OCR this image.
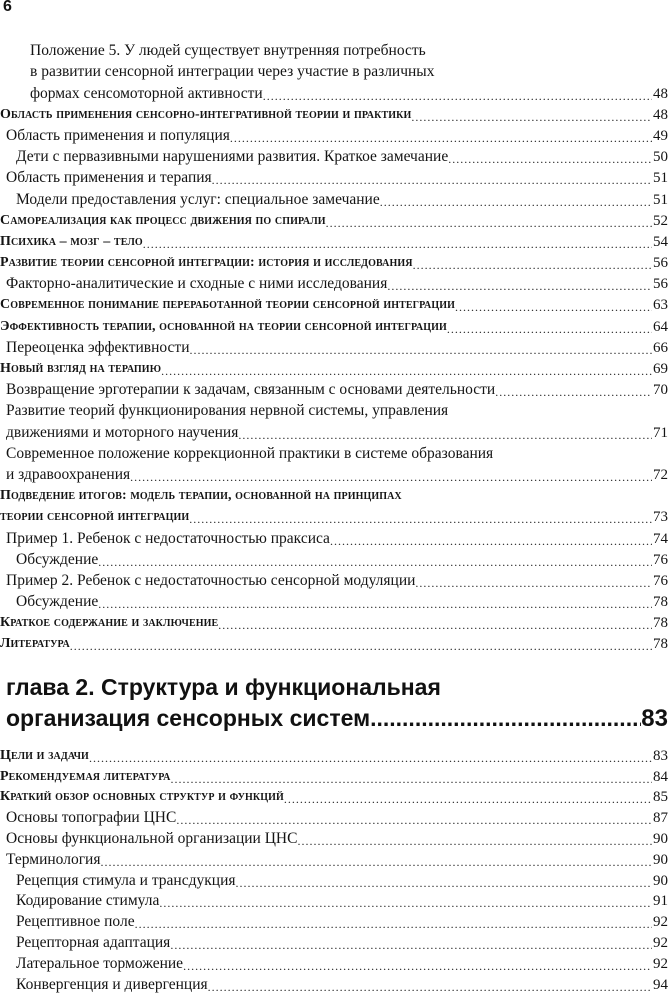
6
Положение 5. У людей существует внутренняя потребность
в развитии сенсорной интеграции через участие в различных
формах сенсомоторной активности .....	48
Область применения сенсорно-интегративной теории и практики .....	48
Область применения и популяция .....	49
Дети с первазивными нарушениями развития. Краткое замечание .....	50
Область применения и терапия .....	51
Модели предоставления услуг: специальное замечание .....	51
Самореализация как процесс движения по спирали .....	52
Психика – мозг – тело .....	54
Развитие теории сенсорной интеграции: история и исследования .....	56
Факторно-аналитические и сходные с ними исследования .....	56
Современное понимание переработанной теории сенсорной интеграции .....	63
Эффективность терапии, основанной на теории сенсорной интеграции .....	64
Переоценка эффективности .....	66
Новый взгляд на терапию .....	69
Возвращение эрготерапии к задачам, связанным с основами деятельности .....	70
Развитие теорий функционирования нервной системы, управления
движениями и моторного научения .....	71
Современное положение коррекционной практики в системе образования
и здравоохранения .....	72
Подведение итогов: модель терапии, основанной на принципах
теории сенсорной интеграции .....	73
Пример 1. Ребенок с недостаточностью праксиса .....	74
Обсуждение .....	76
Пример 2. Ребенок с недостаточностью сенсорной модуляции .....	76
Обсуждение .....	78
Краткое содержание и заключение .....	78
Литература .....	78
глава 2. Структура и функциональная
организация сенсорных систем .....	83
Цели и задачи .....	83
Рекомендуемая литература .....	84
Краткий обзор основных структур и функций .....	85
Основы топографии ЦНС .....	87
Основы функциональной организации ЦНС .....	90
Терминология .....	90
Рецепция стимула и трансдукция .....	90
Кодирование стимула .....	91
Рецептивное поле .....	92
Рецепторная адаптация .....	92
Латеральное торможение .....	92
Конвергенция и дивергенция .....	94
